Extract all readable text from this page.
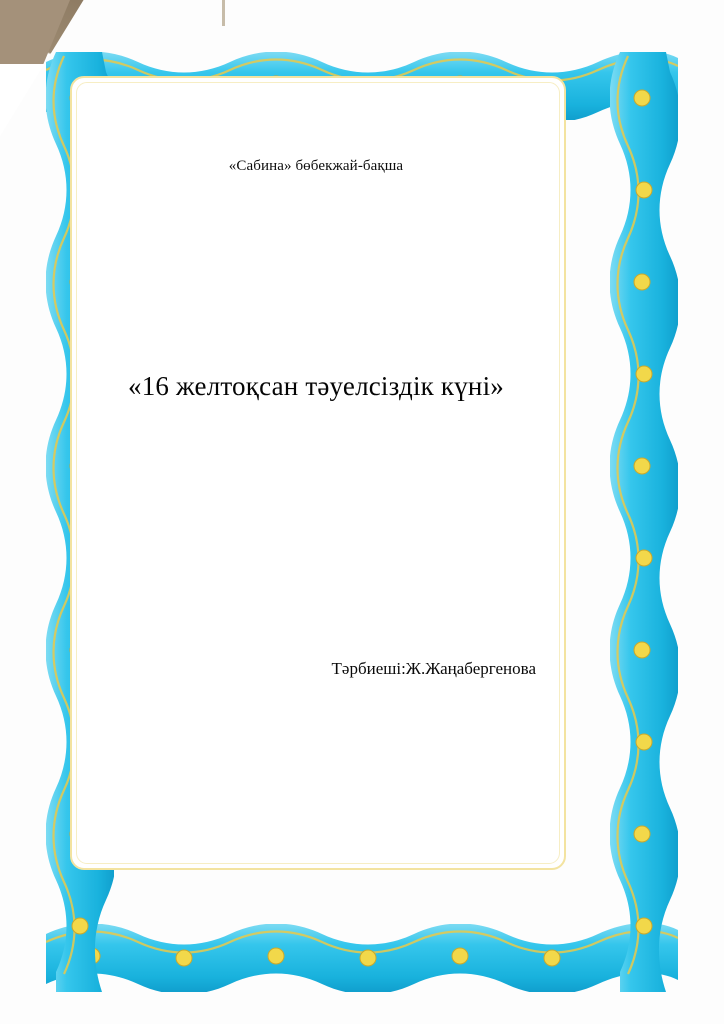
«Сабина» бөбекжай-бақша
«16 желтоқсан тәуелсіздік күні»
Тәрбиеші:Ж.Жаңабергенова
